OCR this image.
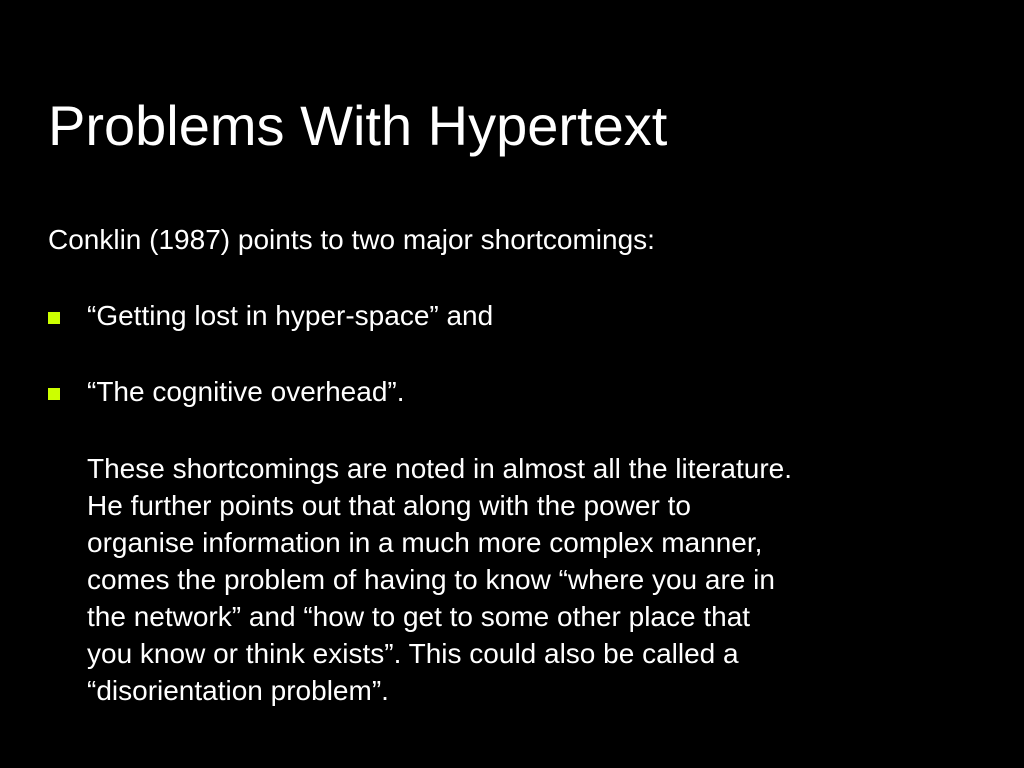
Problems With Hypertext

Conklin (1987) points to two major shortcomings:

“Getting lost in hyper-space” and
“The cognitive overhead”.

These shortcomings are noted in almost all the literature.
He further points out that along with the power to
organise information in a much more complex manner,
comes the problem of having to know “where you are in
the network” and “how to get to some other place that
you know or think exists”. This could also be called a
“disorientation problem”.
